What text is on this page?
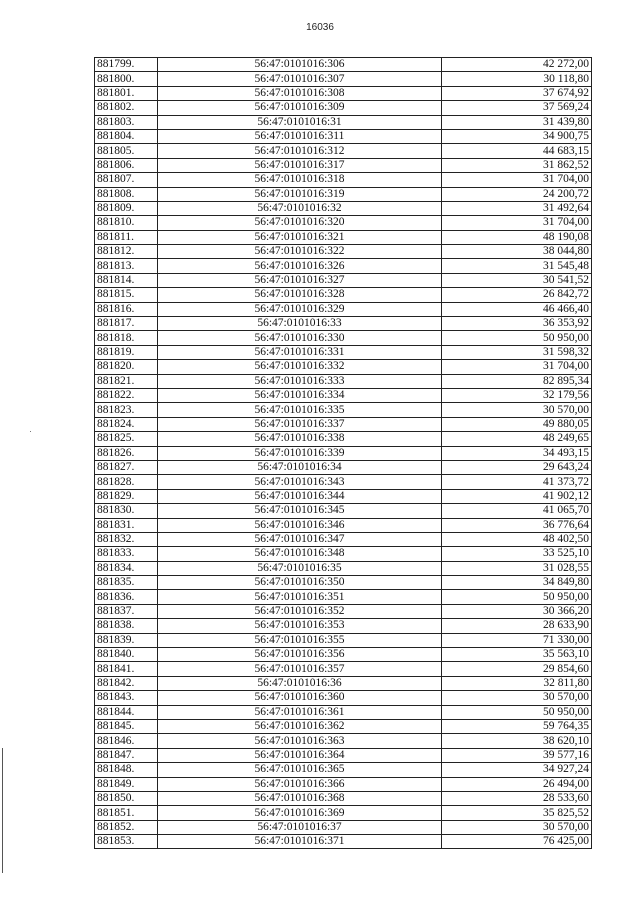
16036
881799.	56:47:0101016:306	42 272,00
881800.	56:47:0101016:307	30 118,80
881801.	56:47:0101016:308	37 674,92
881802.	56:47:0101016:309	37 569,24
881803.	56:47:0101016:31	31 439,80
881804.	56:47:0101016:311	34 900,75
881805.	56:47:0101016:312	44 683,15
881806.	56:47:0101016:317	31 862,52
881807.	56:47:0101016:318	31 704,00
881808.	56:47:0101016:319	24 200,72
881809.	56:47:0101016:32	31 492,64
881810.	56:47:0101016:320	31 704,00
881811.	56:47:0101016:321	48 190,08
881812.	56:47:0101016:322	38 044,80
881813.	56:47:0101016:326	31 545,48
881814.	56:47:0101016:327	30 541,52
881815.	56:47:0101016:328	26 842,72
881816.	56:47:0101016:329	46 466,40
881817.	56:47:0101016:33	36 353,92
881818.	56:47:0101016:330	50 950,00
881819.	56:47:0101016:331	31 598,32
881820.	56:47:0101016:332	31 704,00
881821.	56:47:0101016:333	82 895,34
881822.	56:47:0101016:334	32 179,56
881823.	56:47:0101016:335	30 570,00
881824.	56:47:0101016:337	49 880,05
881825.	56:47:0101016:338	48 249,65
881826.	56:47:0101016:339	34 493,15
881827.	56:47:0101016:34	29 643,24
881828.	56:47:0101016:343	41 373,72
881829.	56:47:0101016:344	41 902,12
881830.	56:47:0101016:345	41 065,70
881831.	56:47:0101016:346	36 776,64
881832.	56:47:0101016:347	48 402,50
881833.	56:47:0101016:348	33 525,10
881834.	56:47:0101016:35	31 028,55
881835.	56:47:0101016:350	34 849,80
881836.	56:47:0101016:351	50 950,00
881837.	56:47:0101016:352	30 366,20
881838.	56:47:0101016:353	28 633,90
881839.	56:47:0101016:355	71 330,00
881840.	56:47:0101016:356	35 563,10
881841.	56:47:0101016:357	29 854,60
881842.	56:47:0101016:36	32 811,80
881843.	56:47:0101016:360	30 570,00
881844.	56:47:0101016:361	50 950,00
881845.	56:47:0101016:362	59 764,35
881846.	56:47:0101016:363	38 620,10
881847.	56:47:0101016:364	39 577,16
881848.	56:47:0101016:365	34 927,24
881849.	56:47:0101016:366	26 494,00
881850.	56:47:0101016:368	28 533,60
881851.	56:47:0101016:369	35 825,52
881852.	56:47:0101016:37	30 570,00
881853.	56:47:0101016:371	76 425,00
